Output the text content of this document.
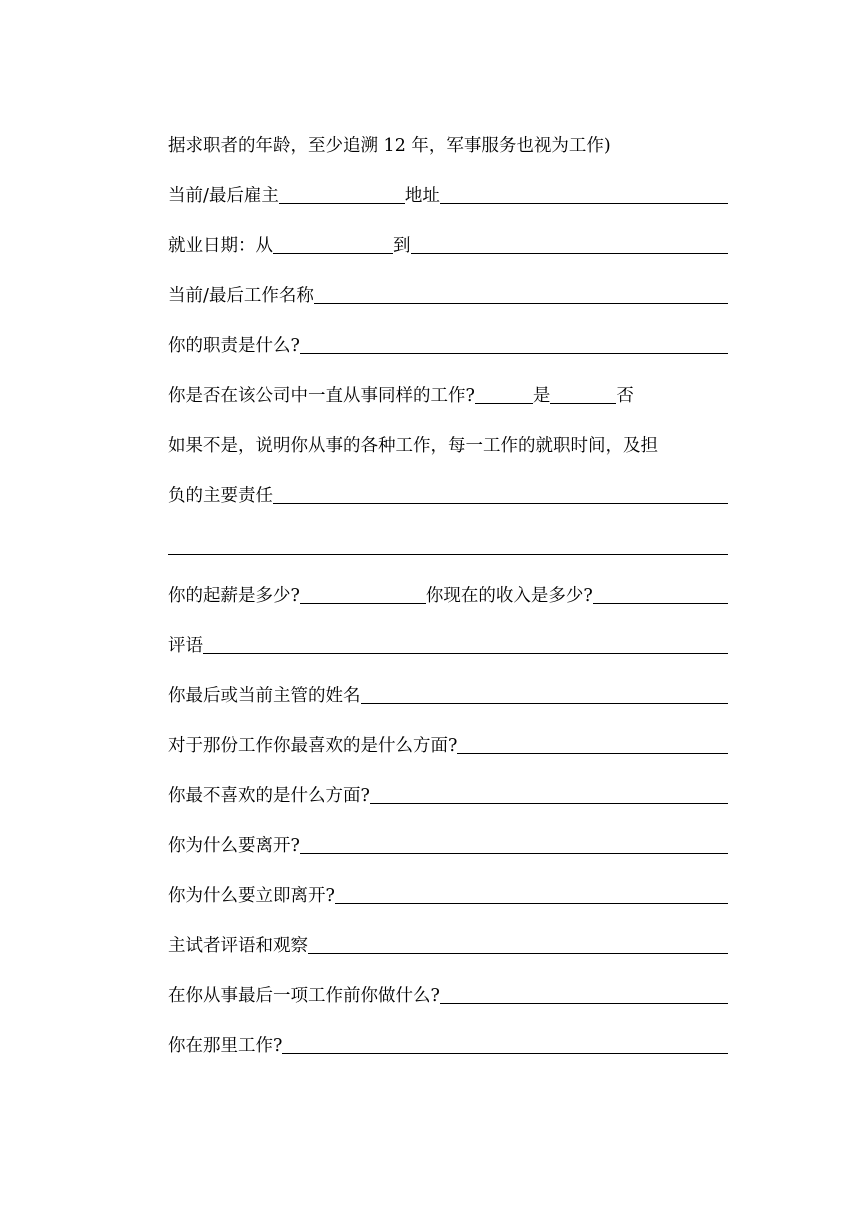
据求职者的年龄，至少追溯 12 年，军事服务也视为工作)
当前/最后雇主	地址
就业日期：从	到
当前/最后工作名称
你的职责是什么?
你是否在该公司中一直从事同样的工作?	是	否
如果不是，说明你从事的各种工作，每一工作的就职时间，及担
负的主要责任
你的起薪是多少?	你现在的收入是多少?
评语
你最后或当前主管的姓名
对于那份工作你最喜欢的是什么方面?
你最不喜欢的是什么方面?
你为什么要离开?
你为什么要立即离开?
主试者评语和观察
在你从事最后一项工作前你做什么?
你在那里工作?
